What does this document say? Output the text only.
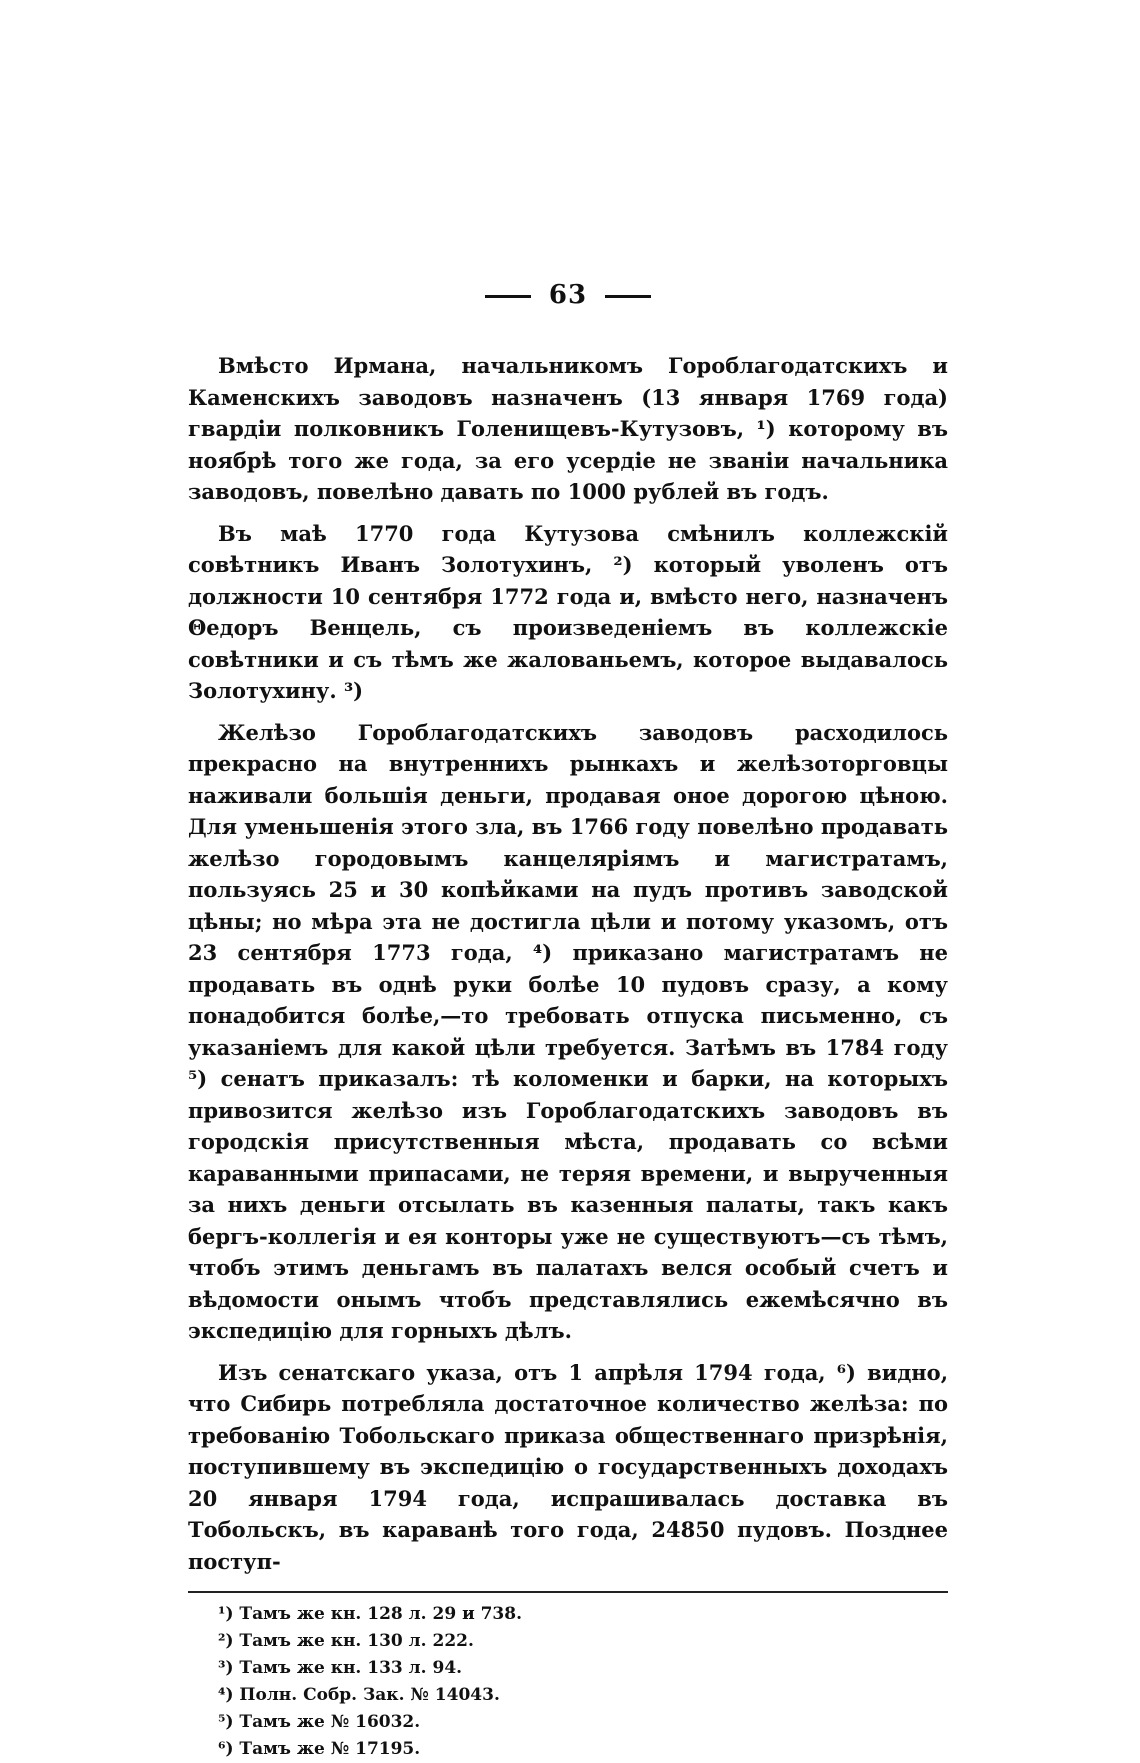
63

Вмѣсто Ирмана, начальникомъ Гороблагодатскихъ и Каменскихъ заводовъ назначенъ (13 января 1769 года) гвардіи полковникъ Голенищевъ-Кутузовъ, ¹) которому въ ноябрѣ того же года, за его усердіе не званіи начальника заводовъ, повелѣно давать по 1000 рублей въ годъ.

Въ маѣ 1770 года Кутузова смѣнилъ коллежскій совѣтникъ Иванъ Золотухинъ, ²) который уволенъ отъ должности 10 сентября 1772 года и, вмѣсто него, назначенъ Θедоръ Венцель, съ произведеніемъ въ коллежскіе совѣтники и съ тѣмъ же жалованьемъ, которое выдавалось Золотухину. ³)

Желѣзо Гороблагодатскихъ заводовъ расходилось прекрасно на внутреннихъ рынкахъ и желѣзоторговцы наживали большія деньги, продавая оное дорогою цѣною. Для уменьшенія этого зла, въ 1766 году повелѣно продавать желѣзо городовымъ канцеляріямъ и магистратамъ, пользуясь 25 и 30 копѣйками на пудъ противъ заводской цѣны; но мѣра эта не достигла цѣли и потому указомъ, отъ 23 сентября 1773 года, ⁴) приказано магистратамъ не продавать въ однѣ руки болѣе 10 пудовъ сразу, а кому понадобится болѣе,—то требовать отпуска письменно, съ указаніемъ для какой цѣли требуется. Затѣмъ въ 1784 году ⁵) сенатъ приказалъ: тѣ коломенки и барки, на которыхъ привозится желѣзо изъ Гороблагодатскихъ заводовъ въ городскія присутственныя мѣста, продавать со всѣми караванными припасами, не теряя времени, и вырученныя за нихъ деньги отсылать въ казенныя палаты, такъ какъ бергъ-коллегія и ея конторы уже не существуютъ—съ тѣмъ, чтобъ этимъ деньгамъ въ палатахъ велся особый счетъ и вѣдомости онымъ чтобъ представлялись ежемѣсячно въ экспедицію для горныхъ дѣлъ.

Изъ сенатскаго указа, отъ 1 апрѣля 1794 года, ⁶) видно, что Сибирь потребляла достаточное количество желѣза: по требованію Тобольскаго приказа общественнаго призрѣнія, поступившему въ экспедицію о государственныхъ доходахъ 20 января 1794 года, испрашивалась доставка въ Тобольскъ, въ караванѣ того года, 24850 пудовъ. Позднее поступ-

¹) Тамъ же кн. 128 л. 29 и 738.
²) Тамъ же кн. 130 л. 222.
³) Тамъ же кн. 133 л. 94.
⁴) Полн. Собр. Зак. № 14043.
⁵) Тамъ же № 16032.
⁶) Тамъ же № 17195.
